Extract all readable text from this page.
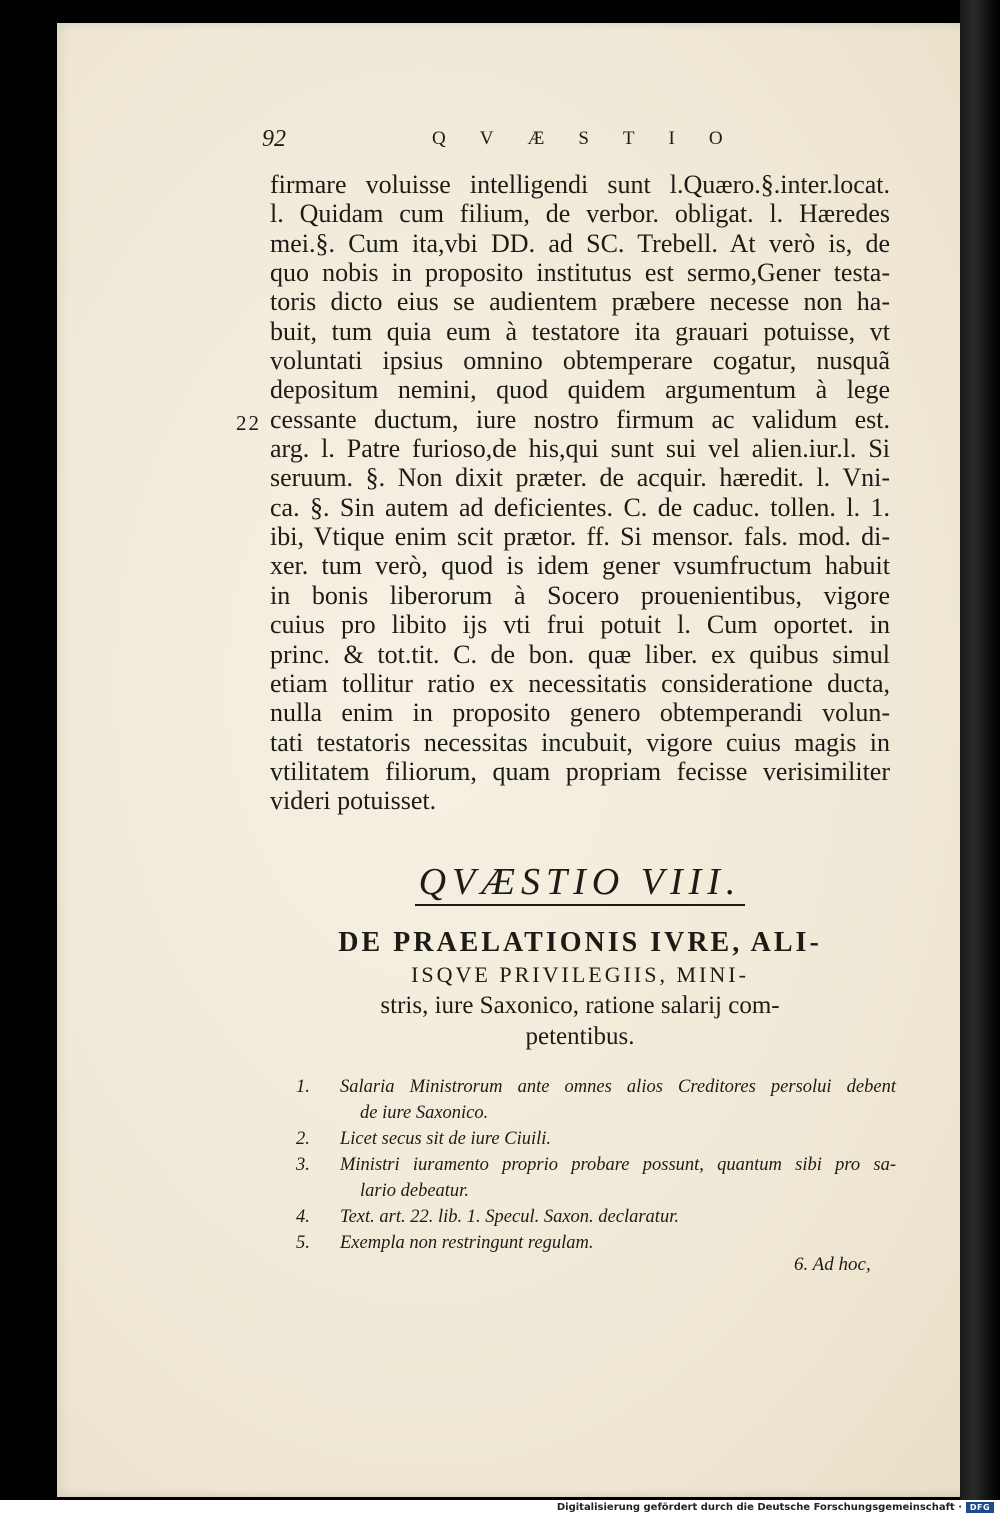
92	QVÆSTIO
firmare voluisse intelligendi sunt l.Quæro.§.inter.locat.
l. Quidam cum filium, de verbor. obligat. l. Hæredes
mei.§. Cum ita,vbi DD. ad SC. Trebell. At verò is, de
quo nobis in proposito institutus est sermo,Gener testa-
toris dicto eius se audientem præbere necesse non ha-
buit, tum quia eum à testatore ita grauari potuisse, vt
voluntati ipsius omnino obtemperare cogatur, nusquã
depositum nemini, quod quidem argumentum à lege
cessante ductum, iure nostro firmum ac validum est.
arg. l. Patre furioso,de his,qui sunt sui vel alien.iur.l. Si
seruum. §. Non dixit præter. de acquir. hæredit. l. Vni-
ca. §. Sin autem ad deficientes. C. de caduc. tollen. l. 1.
ibi, Vtique enim scit prætor. ff. Si mensor. fals. mod. di-
xer. tum verò, quod is idem gener vsumfructum habuit
in bonis liberorum à Socero prouenientibus, vigore
cuius pro libito ijs vti frui potuit l. Cum oportet. in
princ. & tot.tit. C. de bon. quæ liber. ex quibus simul
etiam tollitur ratio ex necessitatis consideratione ducta,
nulla enim in proposito genero obtemperandi volun-
tati testatoris necessitas incubuit, vigore cuius magis in
vtilitatem filiorum, quam propriam fecisse verisimiliter
videri potuisset.
22
QVÆSTIO VIII.
DE PRAELATIONIS IVRE, ALI-
ISQVE PRIVILEGIIS, MINI-
stris, iure Saxonico, ratione salarij com-
petentibus.
1.	Salaria Ministrorum ante omnes alios Creditores persolui debent
de iure Saxonico.
2.	Licet secus sit de iure Ciuili.
3.	Ministri iuramento proprio probare possunt, quantum sibi pro sa-
lario debeatur.
4.	Text. art. 22. lib. 1. Specul. Saxon. declaratur.
5.	Exempla non restringunt regulam.
6. Ad hoc,
Digitalisierung gefördert durch die Deutsche Forschungsgemeinschaft · DFG
